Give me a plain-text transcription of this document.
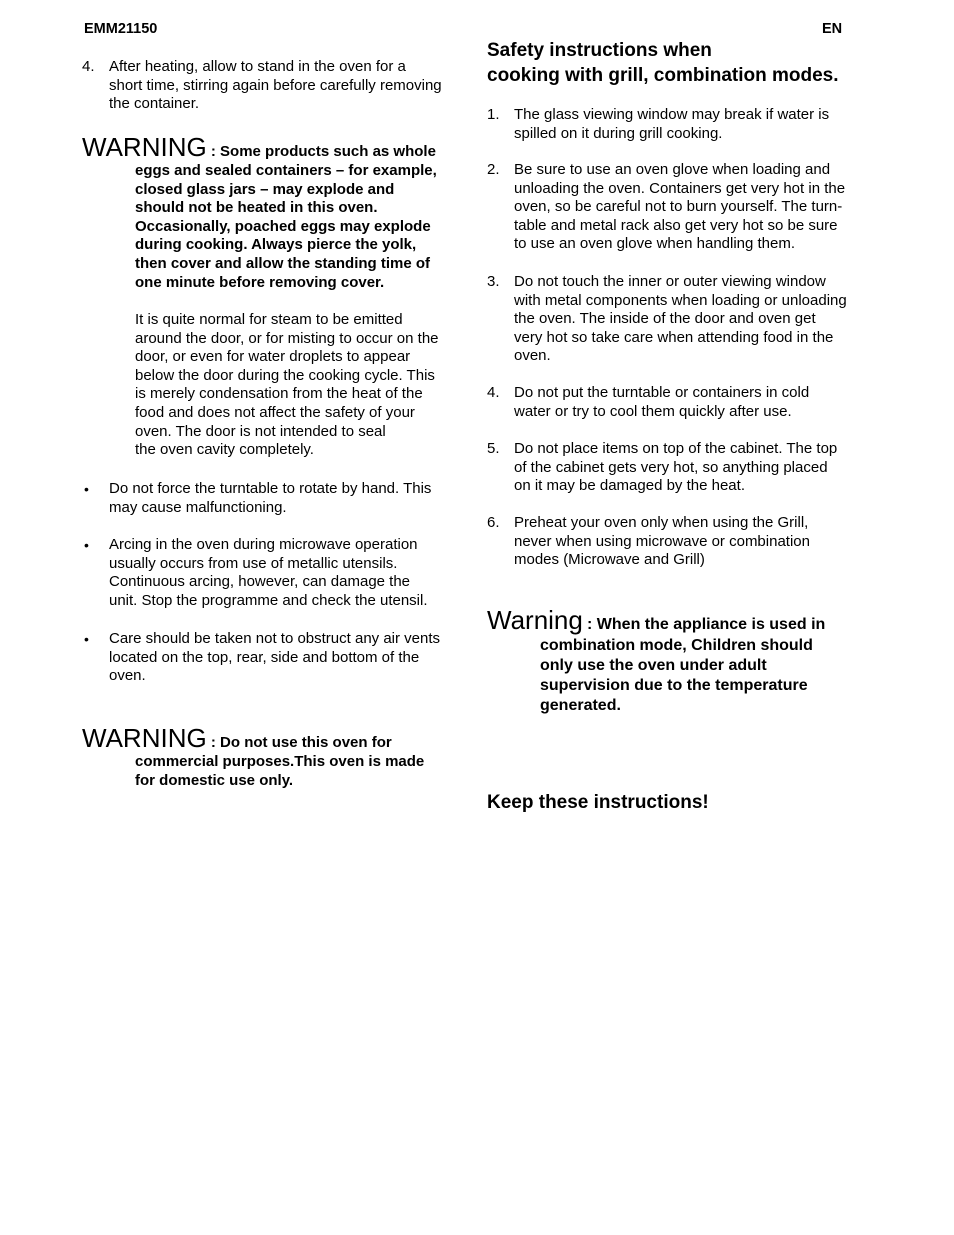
EMM21150	EN
4. After heating, allow to stand in the oven for a
short time, stirring again before carefully removing
the container.
WARNING : Some products such as whole
eggs and sealed containers – for example,
closed glass jars – may explode and
should not be heated in this oven.
Occasionally, poached eggs may explode
during cooking. Always pierce the yolk,
then cover and allow the standing time of
one minute before removing cover.
It is quite normal for steam to be emitted
around the door, or for misting to occur on the
door, or even for water droplets to appear
below the door during the cooking cycle. This
is merely condensation from the heat of the
food and does not affect the safety of your
oven. The door is not intended to seal
the oven cavity completely.
• Do not force the turntable to rotate by hand. This
may cause malfunctioning.
• Arcing in the oven during microwave operation
usually occurs from use of metallic utensils.
Continuous arcing, however, can damage the
unit. Stop the programme and check the utensil.
• Care should be taken not to obstruct any air vents
located on the top, rear, side and bottom of the
oven.
WARNING : Do not use this oven for
commercial purposes.This oven is made
for domestic use only.
Safety instructions when
cooking with grill, combination modes.
1. The glass viewing window may break if water is
spilled on it during grill cooking.
2. Be sure to use an oven glove when loading and
unloading the oven. Containers get very hot in the
oven, so be careful not to burn yourself. The turn-
table and metal rack also get very hot so be sure
to use an oven glove when handling them.
3. Do not touch the inner or outer viewing window
with metal components when loading or unloading
the oven. The inside of the door and oven get
very hot so take care when attending food in the
oven.
4. Do not put the turntable or containers in cold
water or try to cool them quickly after use.
5. Do not place items on top of the cabinet. The top
of the cabinet gets very hot, so anything placed
on it may be damaged by the heat.
6. Preheat your oven only when using the Grill,
never when using microwave or combination
modes (Microwave and Grill)
Warning : When the appliance is used in
combination mode, Children should
only use the oven under adult
supervision due to the temperature
generated.
Keep these instructions!
